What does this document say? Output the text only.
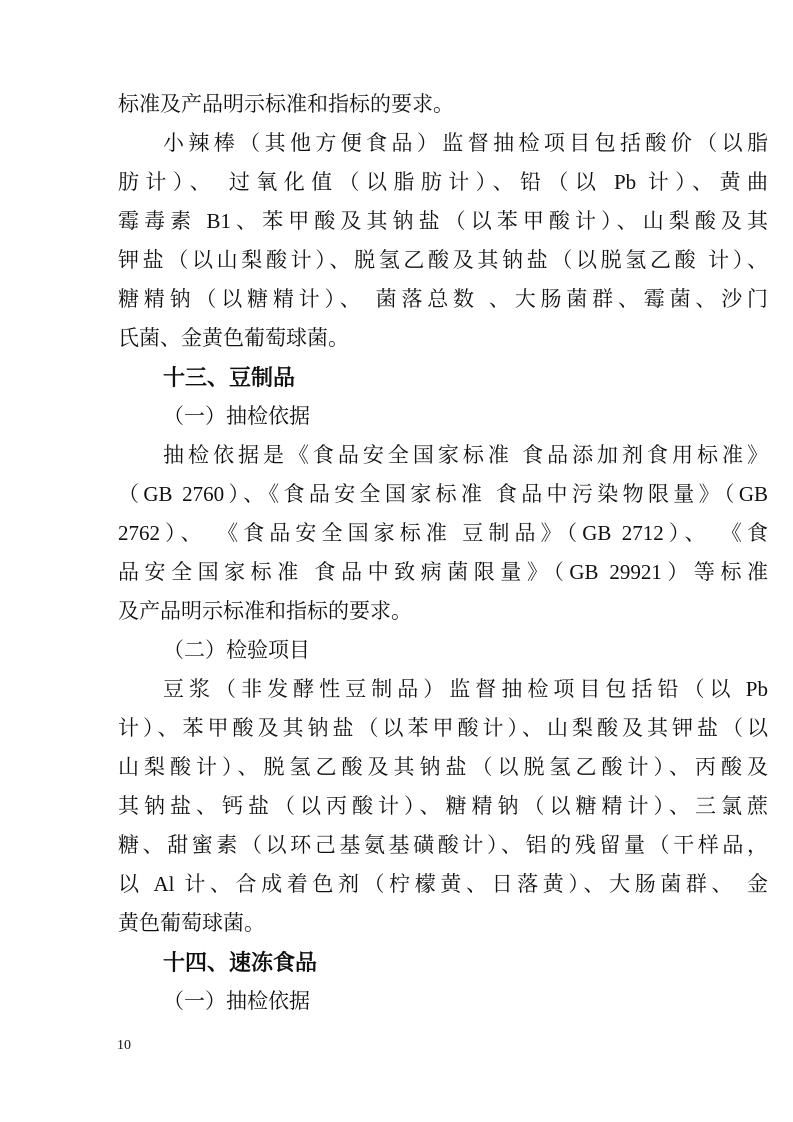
标准及产品明示标准和指标的要求。
小辣棒（其他方便食品）监督抽检项目包括酸价（以脂
肪计）、 过氧化值（以脂肪计）、铅（以 Pb 计）、黄曲
霉毒素 B1、苯甲酸及其钠盐（以苯甲酸计）、山梨酸及其
钾盐（以山梨酸计）、脱氢乙酸及其钠盐（以脱氢乙酸 计）、
糖精钠（以糖精计）、 菌落总数 、大肠菌群、霉菌、沙门
氏菌、金黄色葡萄球菌。
十三、豆制品
（一）抽检依据
抽检依据是《食品安全国家标准 食品添加剂食用标准》
（GB 2760）、《食品安全国家标准 食品中污染物限量》（GB
2762）、 《食品安全国家标准 豆制品》（GB 2712）、 《食
品安全国家标准 食品中致病菌限量》（GB 29921）等标准
及产品明示标准和指标的要求。
（二）检验项目
豆浆（非发酵性豆制品）监督抽检项目包括铅（以 Pb
计）、苯甲酸及其钠盐（以苯甲酸计）、山梨酸及其钾盐（以
山梨酸计）、脱氢乙酸及其钠盐（以脱氢乙酸计）、丙酸及
其钠盐、钙盐（以丙酸计）、糖精钠（以糖精计）、三氯蔗
糖、甜蜜素（以环己基氨基磺酸计）、铝的残留量（干样品，
以 Al 计、合成着色剂（柠檬黄、日落黄）、大肠菌群、 金
黄色葡萄球菌。
十四、速冻食品
（一）抽检依据
10
